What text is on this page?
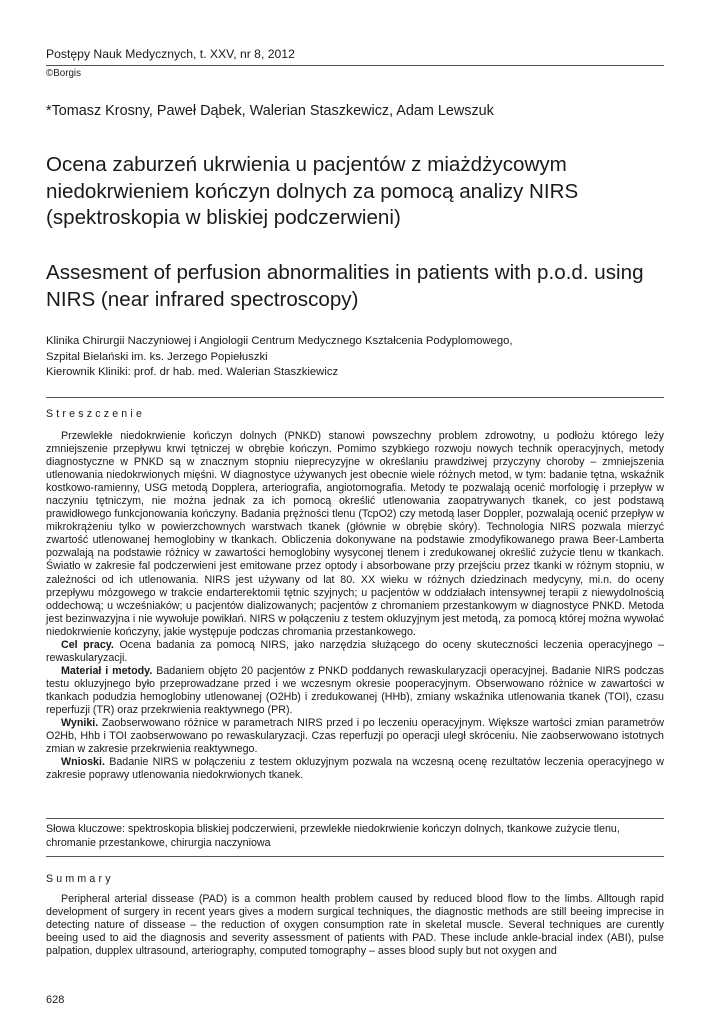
Postępy Nauk Medycznych, t. XXV, nr 8, 2012
©Borgis
*Tomasz Krosny, Paweł Dąbek, Walerian Staszkewicz, Adam Lewszuk
Ocena zaburzeń ukrwienia u pacjentów z miażdżycowym niedokrwieniem kończyn dolnych za pomocą analizy NIRS (spektroskopia w bliskiej podczerwieni)
Assesment of perfusion abnormalities in patients with p.o.d. using NIRS (near infrared spectroscopy)
Klinika Chirurgii Naczyniowej i Angiologii Centrum Medycznego Kształcenia Podyplomowego,
Szpital Bielański im. ks. Jerzego Popiełuszki
Kierownik Kliniki: prof. dr hab. med. Walerian Staszkiewicz
Streszczenie

Przewlekłe niedokrwienie kończyn dolnych (PNKD) stanowi powszechny problem zdrowotny, u podłożu którego leży zmniejszenie przepływu krwi tętniczej w obrębie kończyn. Pomimo szybkiego rozwoju nowych technik operacyjnych, metody diagnostyczne w PNKD są w znacznym stopniu nieprecyzyjne w określaniu prawdziwej przyczyny choroby – zmniejszenia utlenowania niedokrwionych mięśni. W diagnostyce używanych jest obecnie wiele różnych metod, w tym: badanie tętna, wskaźnik kostkowo-ramienny, USG metodą Dopplera, arteriografia, angiotomografia. Metody te pozwalają ocenić morfologię i przepływ w naczyniu tętniczym, nie można jednak za ich pomocą określić utlenowania zaopatrywanych tkanek, co jest podstawą prawidłowego funkcjonowania kończyny. Badania prężności tlenu (TcpO2) czy metodą laser Doppler, pozwalają ocenić przepływ w mikrokrążeniu tylko w powierzchownych warstwach tkanek (głównie w obrębie skóry). Technologia NIRS pozwala mierzyć zwartość utlenowanej hemoglobiny w tkankach. Obliczenia dokonywane na podstawie zmodyfikowanego prawa Beer-Lamberta pozwalają na podstawie różnicy w zawartości hemoglobiny wysyconej tlenem i zredukowanej określić zużycie tlenu w tkankach. Światło w zakresie fal podczerwieni jest emitowane przez optody i absorbowane przy przejściu przez tkanki w różnym stopniu, w zależności od ich utlenowania. NIRS jest używany od lat 80. XX wieku w różnych dziedzinach medycyny, mi.n. do oceny przepływu mózgowego w trakcie endarterektomii tętnic szyjnych; u pacjentów w oddziałach intensywnej terapii z niewydolnością oddechową; u wcześniaków; u pacjentów dializowanych; pacjentów z chromaniem przestankowym w diagnostyce PNKD. Metoda jest bezinwazyjna i nie wywołuje powikłań. NIRS w połączeniu z testem okluzyjnym jest metodą, za pomocą której można wywołać niedokrwienie kończyny, jakie występuje podczas chromania przestankowego.

Cel pracy. Ocena badania za pomocą NIRS, jako narzędzia służącego do oceny skuteczności leczenia operacyjnego – rewaskularyzacji.

Materiał i metody. Badaniem objęto 20 pacjentów z PNKD poddanych rewaskularyzacji operacyjnej. Badanie NIRS podczas testu okluzyjnego było przeprowadzane przed i we wczesnym okresie pooperacyjnym. Obserwowano różnice w zawartości w tkankach podudzia hemoglobiny utlenowanej (O2Hb) i zredukowanej (HHb), zmiany wskaźnika utlenowania tkanek (TOI), czasu reperfuzji (TR) oraz przekrwienia reaktywnego (PR).

Wyniki. Zaobserwowano różnice w parametrach NIRS przed i po leczeniu operacyjnym. Większe wartości zmian parametrów O2Hb, Hhb i TOI zaobserwowano po rewaskularyzacji. Czas reperfuzji po operacji uległ skróceniu. Nie zaobserwowano istotnych zmian w zakresie przekrwienia reaktywnego.

Wnioski. Badanie NIRS w połączeniu z testem okluzyjnym pozwala na wczesną ocenę rezultatów leczenia operacyjnego w zakresie poprawy utlenowania niedokrwionych tkanek.

Słowa kluczowe: spektroskopia bliskiej podczerwieni, przewlekłe niedokrwienie kończyn dolnych, tkankowe zużycie tlenu, chromanie przestankowe, chirurgia naczyniowa
Summary

Peripheral arterial dissease (PAD) is a common health problem caused by reduced blood flow to the limbs. Alltough rapid development of surgery in recent years gives a modern surgical techniques, the diagnostic methods are still beeing imprecise in detecting nature of dissease – the reduction of oxygen consumption rate in skeletal muscle. Several techniques are curently beeing used to aid the diagnosis and severity assessment of patients with PAD. These include ankle-bracial index (ABI), pulse palpation, dupplex ultrasound, arteriography, computed tomography – asses blood suply but not oxygen and

628
